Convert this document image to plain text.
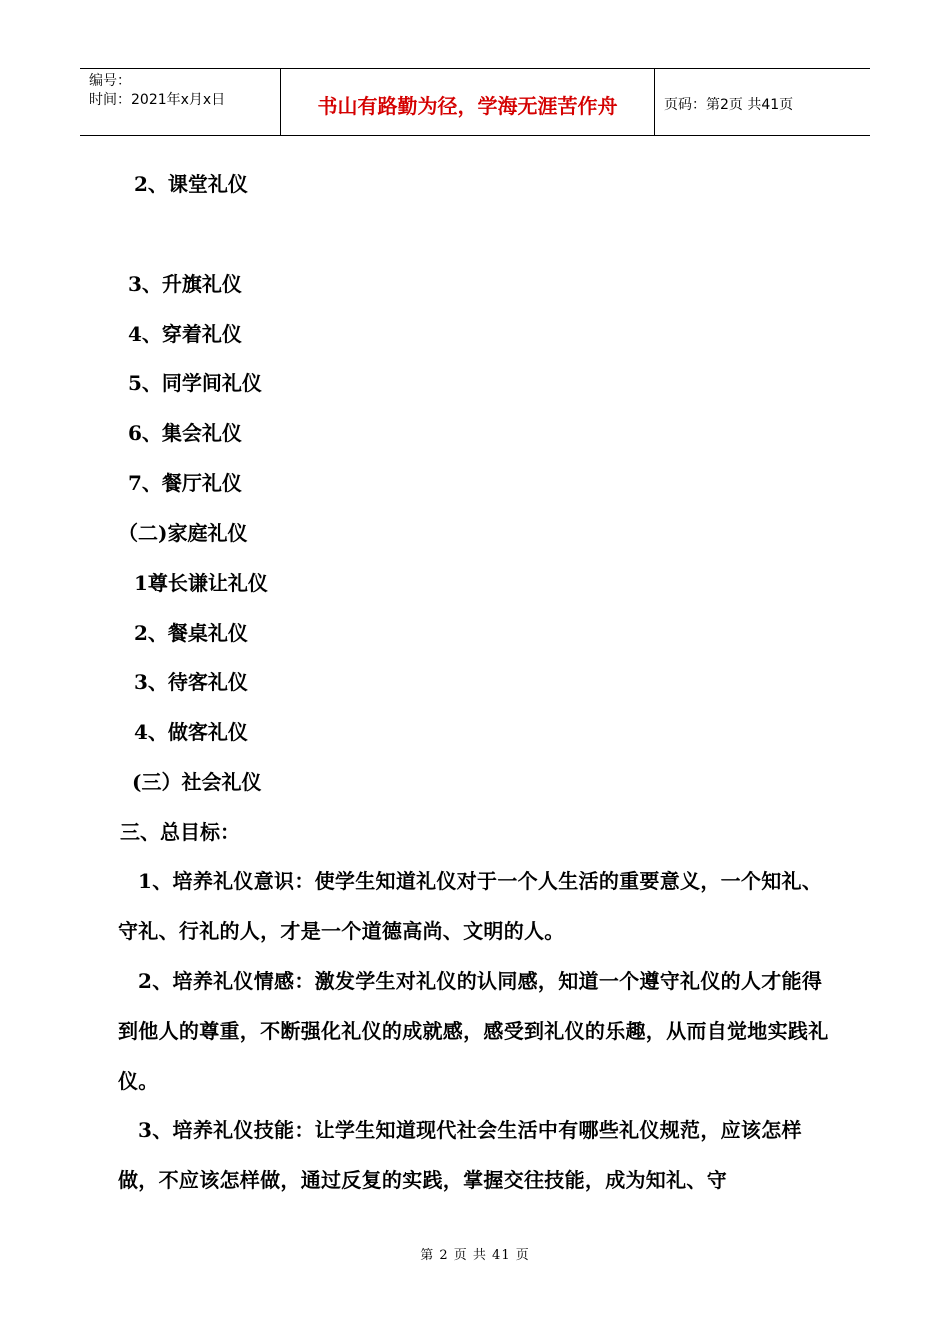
编号：
时间：2021年x月x日	书山有路勤为径，学海无涯苦作舟	页码：第2页 共41页
2、课堂礼仪
3、升旗礼仪
4、穿着礼仪
5、同学间礼仪
6、集会礼仪
7、餐厅礼仪
（二)家庭礼仪
1尊长谦让礼仪
2、餐桌礼仪
3、待客礼仪
4、做客礼仪
(三）社会礼仪
三、总目标：
1、培养礼仪意识：使学生知道礼仪对于一个人生活的重要意义，一个知礼、守礼、行礼的人，才是一个道德高尚、文明的人。
2、培养礼仪情感：激发学生对礼仪的认同感，知道一个遵守礼仪的人才能得到他人的尊重，不断强化礼仪的成就感，感受到礼仪的乐趣，从而自觉地实践礼仪。
3、培养礼仪技能：让学生知道现代社会生活中有哪些礼仪规范，应该怎样做，不应该怎样做，通过反复的实践，掌握交往技能，成为知礼、守
第 2 页 共 41 页
